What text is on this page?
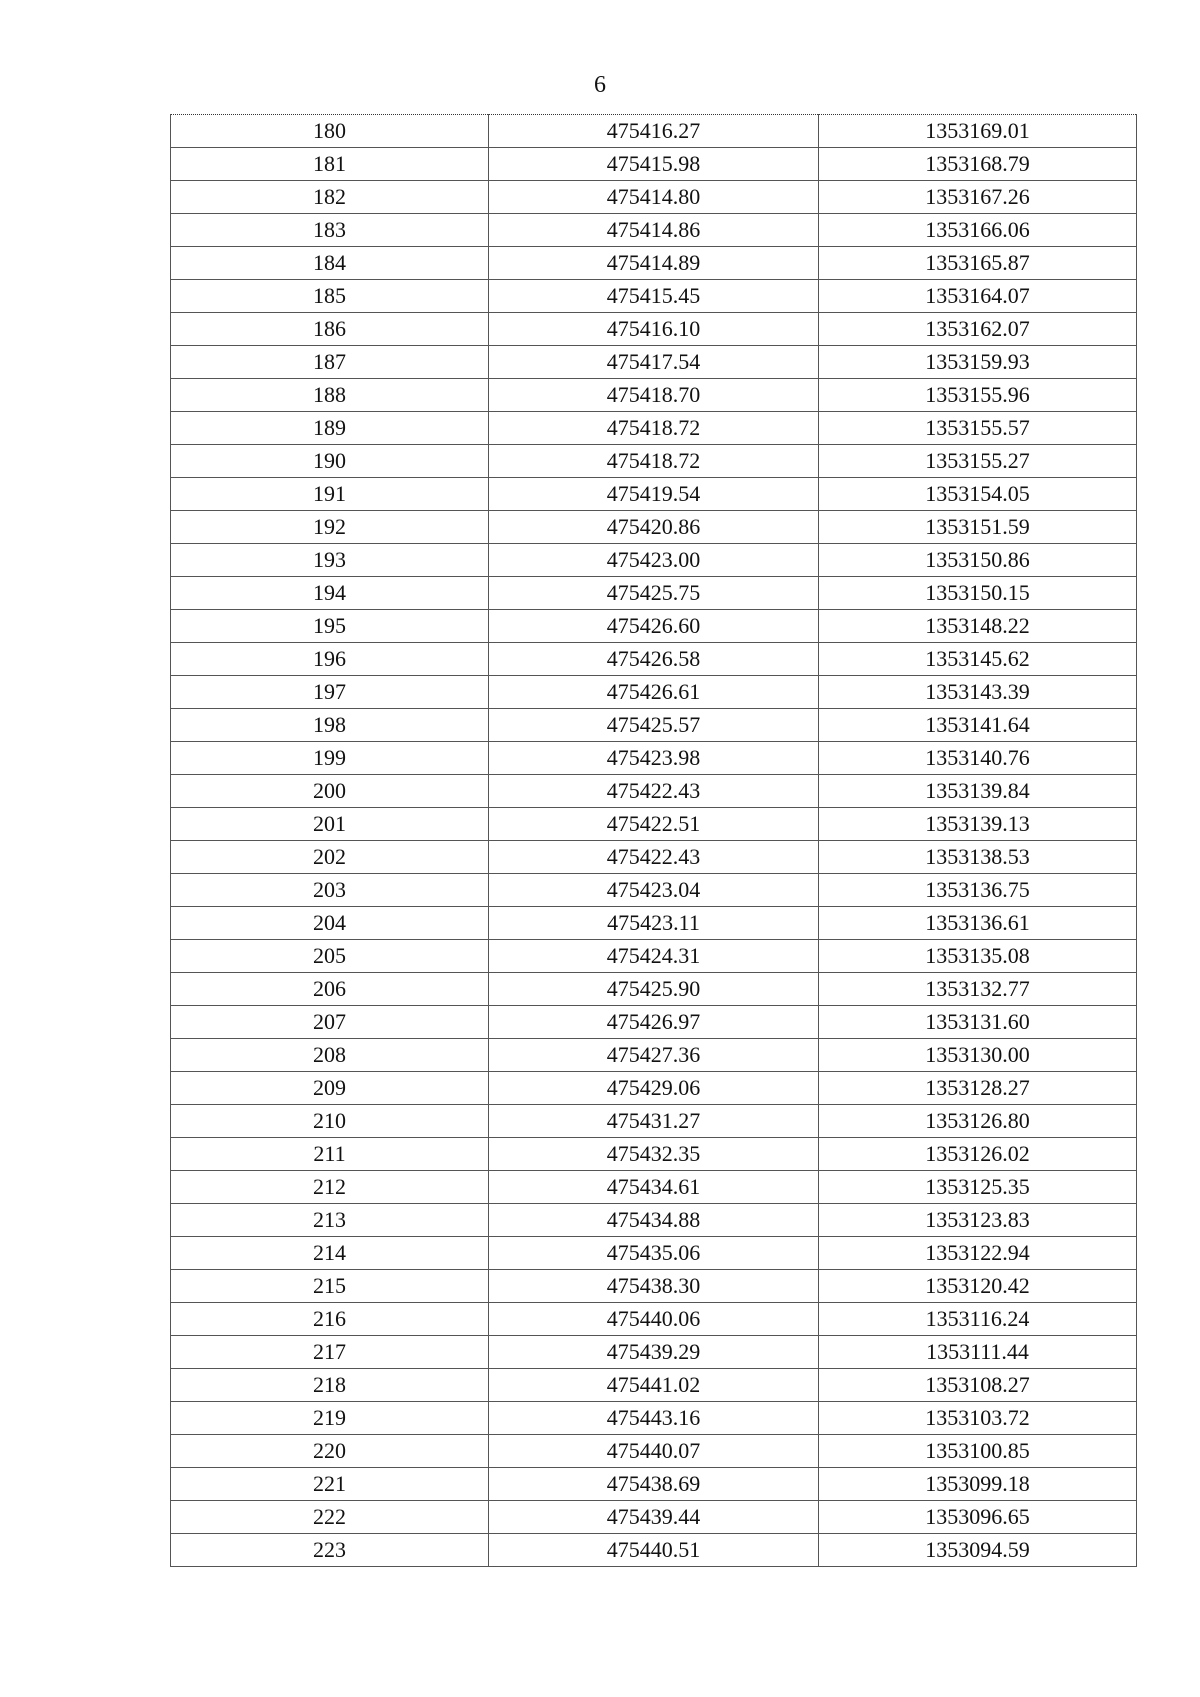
6
180	475416.27	1353169.01
181	475415.98	1353168.79
182	475414.80	1353167.26
183	475414.86	1353166.06
184	475414.89	1353165.87
185	475415.45	1353164.07
186	475416.10	1353162.07
187	475417.54	1353159.93
188	475418.70	1353155.96
189	475418.72	1353155.57
190	475418.72	1353155.27
191	475419.54	1353154.05
192	475420.86	1353151.59
193	475423.00	1353150.86
194	475425.75	1353150.15
195	475426.60	1353148.22
196	475426.58	1353145.62
197	475426.61	1353143.39
198	475425.57	1353141.64
199	475423.98	1353140.76
200	475422.43	1353139.84
201	475422.51	1353139.13
202	475422.43	1353138.53
203	475423.04	1353136.75
204	475423.11	1353136.61
205	475424.31	1353135.08
206	475425.90	1353132.77
207	475426.97	1353131.60
208	475427.36	1353130.00
209	475429.06	1353128.27
210	475431.27	1353126.80
211	475432.35	1353126.02
212	475434.61	1353125.35
213	475434.88	1353123.83
214	475435.06	1353122.94
215	475438.30	1353120.42
216	475440.06	1353116.24
217	475439.29	1353111.44
218	475441.02	1353108.27
219	475443.16	1353103.72
220	475440.07	1353100.85
221	475438.69	1353099.18
222	475439.44	1353096.65
223	475440.51	1353094.59
